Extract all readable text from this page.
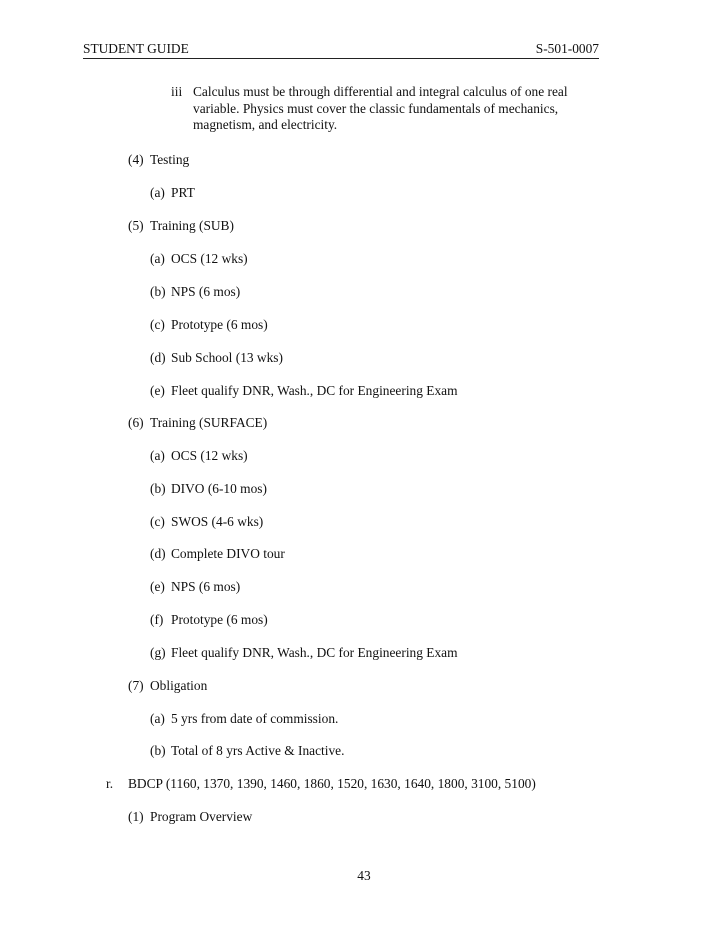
STUDENT GUIDE	S-501-0007
iii Calculus must be through differential and integral calculus of one real
variable. Physics must cover the classic fundamentals of mechanics,
magnetism, and electricity.
(4) Testing
(a) PRT
(5) Training (SUB)
(a) OCS (12 wks)
(b) NPS (6 mos)
(c) Prototype (6 mos)
(d) Sub School (13 wks)
(e) Fleet qualify DNR, Wash., DC for Engineering Exam
(6) Training (SURFACE)
(a) OCS (12 wks)
(b) DIVO (6-10 mos)
(c) SWOS (4-6 wks)
(d) Complete DIVO tour
(e) NPS (6 mos)
(f) Prototype (6 mos)
(g) Fleet qualify DNR, Wash., DC for Engineering Exam
(7) Obligation
(a) 5 yrs from date of commission.
(b) Total of 8 yrs Active & Inactive.
r. BDCP (1160, 1370, 1390, 1460, 1860, 1520, 1630, 1640, 1800, 3100, 5100)
(1) Program Overview
43
